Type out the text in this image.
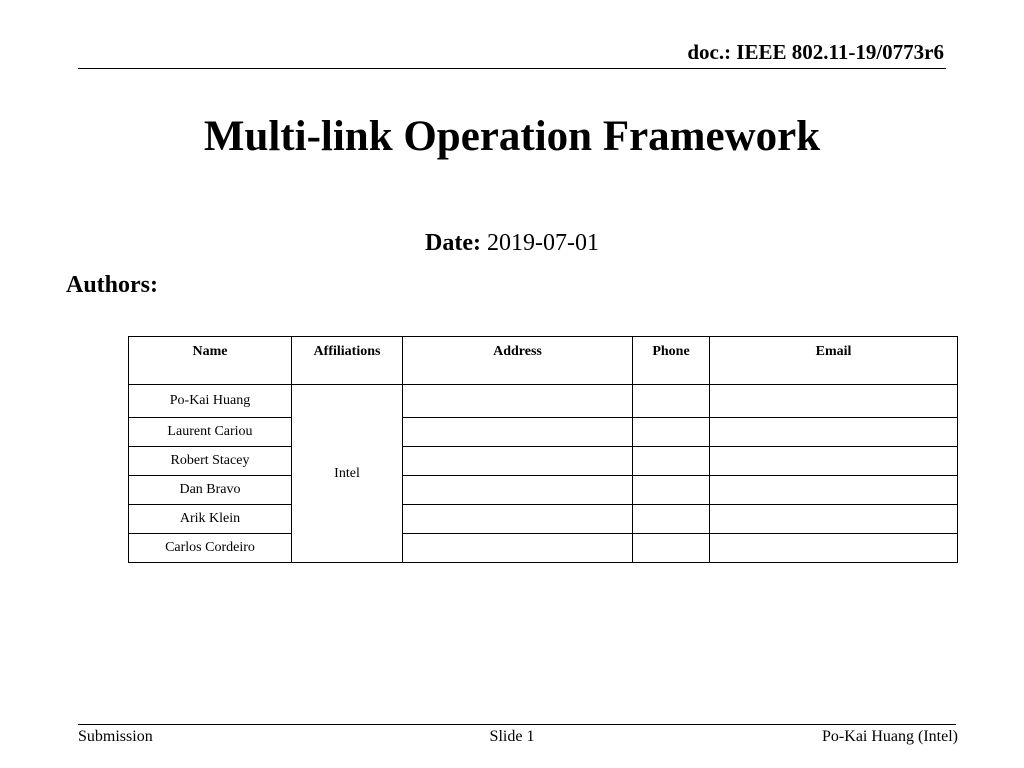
doc.: IEEE 802.11-19/0773r6
Multi-link Operation Framework
Date: 2019-07-01
Authors:
Name	Affiliations	Address	Phone	Email
Po-Kai Huang	Intel			
Laurent Cariou				
Robert Stacey				
Dan Bravo				
Arik Klein				
Carlos Cordeiro				
Submission	Slide 1	Po-Kai Huang (Intel)
